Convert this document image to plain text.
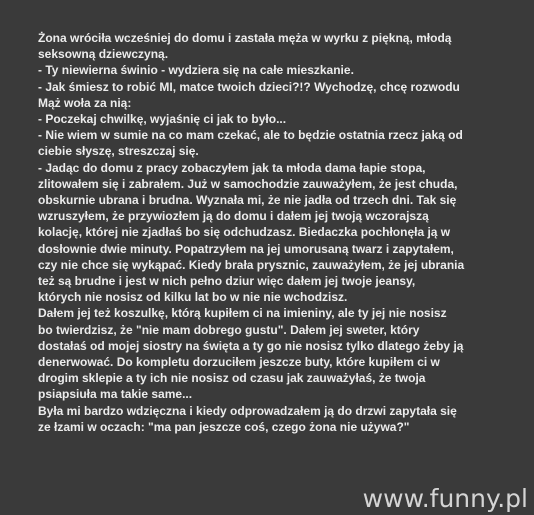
Żona wróciła wcześniej do domu i zastała męża w wyrku z piękną, młodą
seksowną dziewczyną.
- Ty niewierna świnio - wydziera się na całe mieszkanie.
- Jak śmiesz to robić MI, matce twoich dzieci?!? Wychodzę, chcę rozwodu
Mąż woła za nią:
- Poczekaj chwilkę, wyjaśnię ci jak to było...
- Nie wiem w sumie na co mam czekać, ale to będzie ostatnia rzecz jaką od
ciebie słyszę, streszczaj się.
- Jadąc do domu z pracy zobaczyłem jak ta młoda dama łapie stopa,
zlitowałem się i zabrałem. Już w samochodzie zauważyłem, że jest chuda,
obskurnie ubrana i brudna. Wyznała mi, że nie jadła od trzech dni. Tak się
wzruszyłem, że przywiozłem ją do domu i dałem jej twoją wczorajszą
kolację, której nie zjadłaś bo się odchudzasz. Biedaczka pochłonęła ją w
dosłownie dwie minuty. Popatrzyłem na jej umorusaną twarz i zapytałem,
czy nie chce się wykąpać. Kiedy brała prysznic, zauważyłem, że jej ubrania
też są brudne i jest w nich pełno dziur więc dałem jej twoje jeansy,
których nie nosisz od kilku lat bo w nie nie wchodzisz.
Dałem jej też koszulkę, którą kupiłem ci na imieniny, ale ty jej nie nosisz
bo twierdzisz, że "nie mam dobrego gustu". Dałem jej sweter, który
dostałaś od mojej siostry na święta a ty go nie nosisz tylko dlatego żeby ją
denerwować. Do kompletu dorzuciłem jeszcze buty, które kupiłem ci w
drogim sklepie a ty ich nie nosisz od czasu jak zauważyłaś, że twoja
psiapsiuła ma takie same...
Była mi bardzo wdzięczna i kiedy odprowadzałem ją do drzwi zapytała się
ze łzami w oczach: "ma pan jeszcze coś, czego żona nie używa?"
www.funny.pl
